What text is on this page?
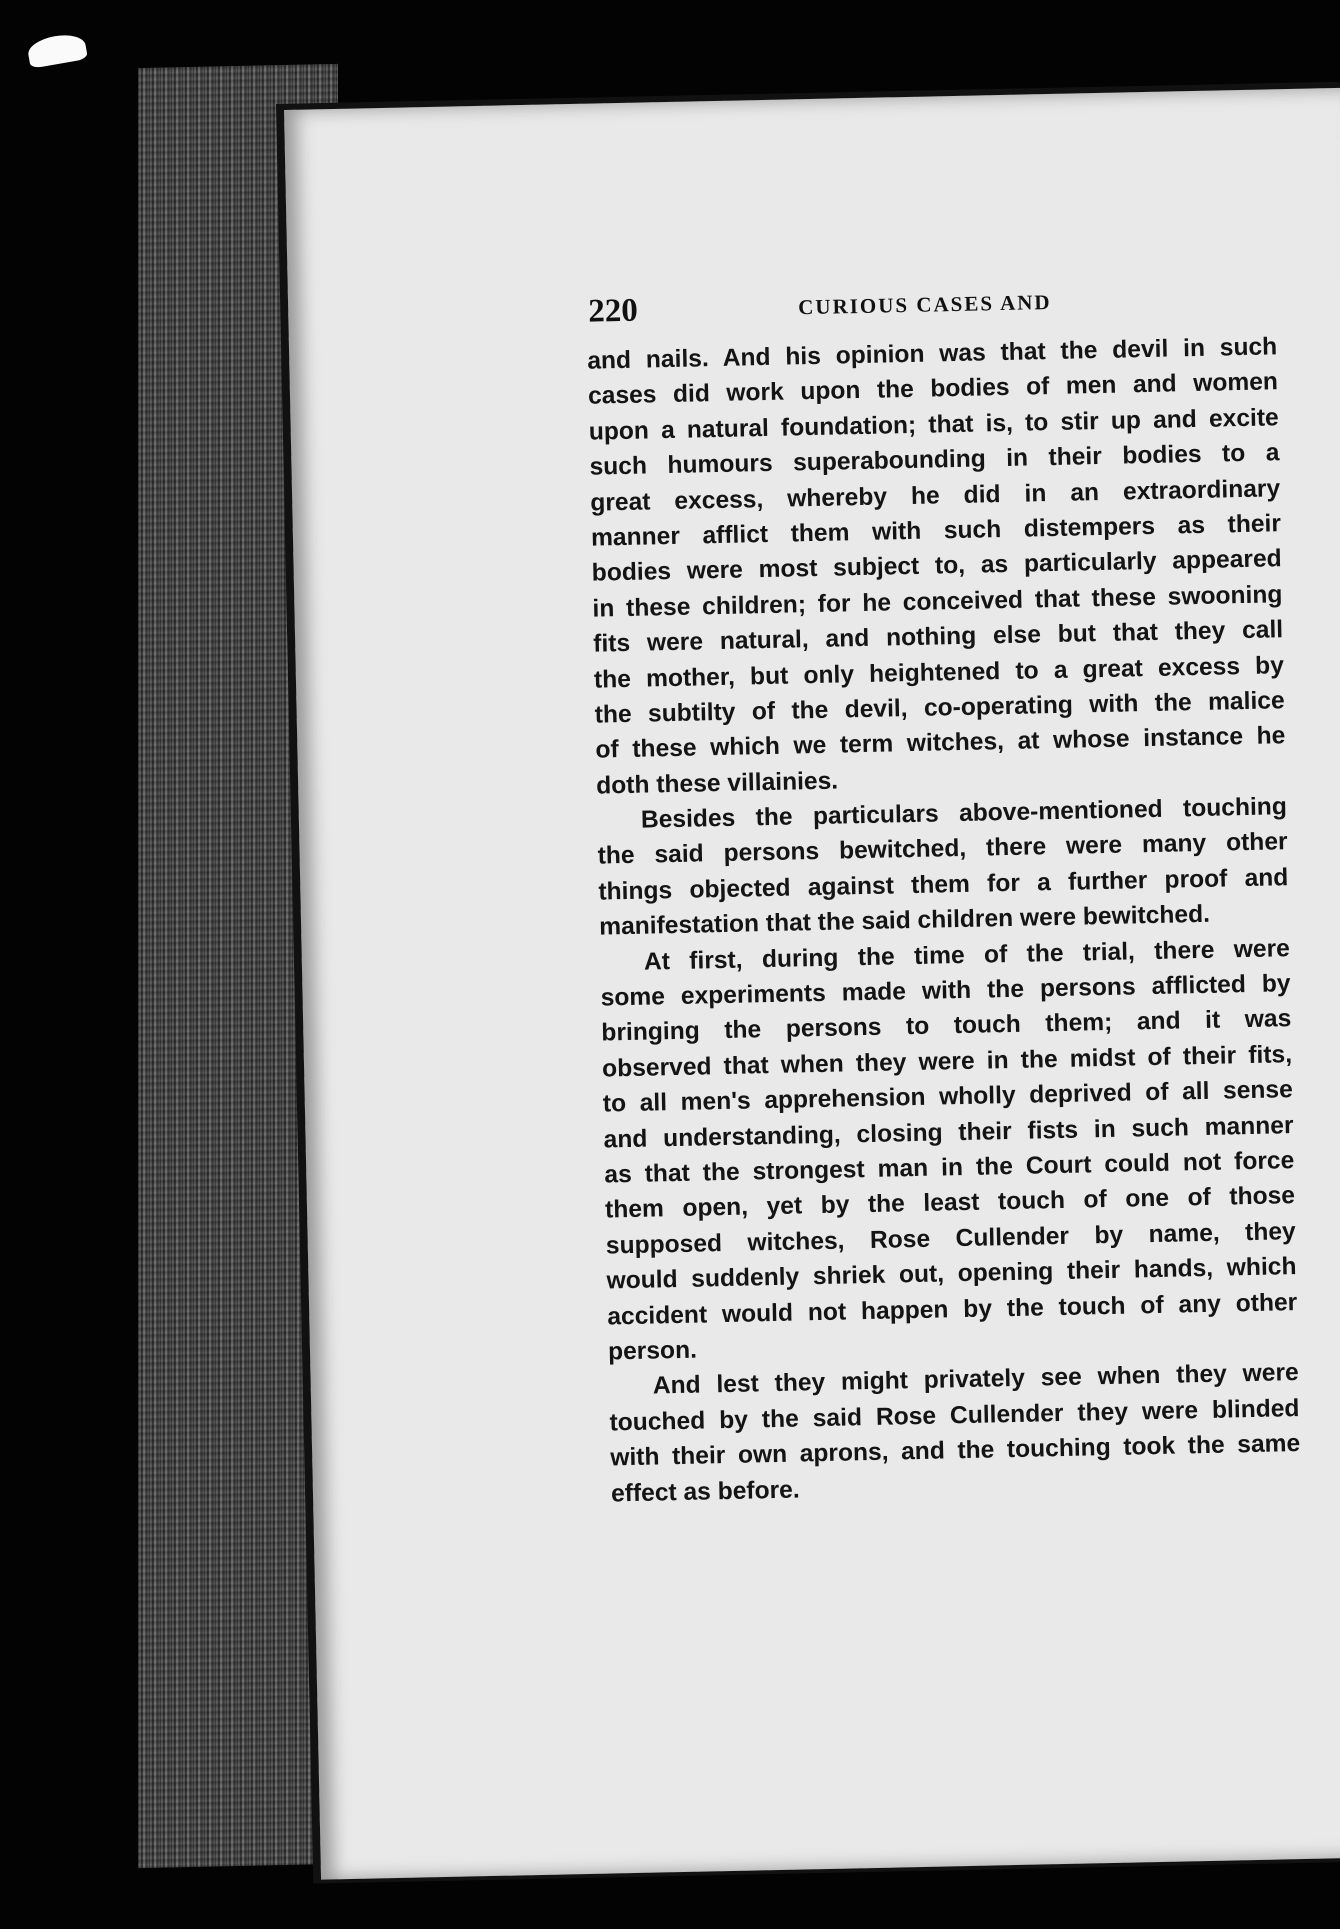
220	CURIOUS CASES AND
and nails. And his opinion was that the devil in such
cases did work upon the bodies of men and women
upon a natural foundation; that is, to stir up and excite
such humours superabounding in their bodies to a
great excess, whereby he did in an extraordinary
manner afflict them with such distempers as their
bodies were most subject to, as particularly appeared
in these children; for he conceived that these swooning
fits were natural, and nothing else but that they call
the mother, but only heightened to a great excess by
the subtilty of the devil, co-operating with the malice
of these which we term witches, at whose instance he
doth these villainies.
Besides the particulars above-mentioned touching
the said persons bewitched, there were many other
things objected against them for a further proof and
manifestation that the said children were bewitched.
At first, during the time of the trial, there were
some experiments made with the persons afflicted by
bringing the persons to touch them; and it was
observed that when they were in the midst of their fits,
to all men's apprehension wholly deprived of all sense
and understanding, closing their fists in such manner
as that the strongest man in the Court could not force
them open, yet by the least touch of one of those
supposed witches, Rose Cullender by name, they
would suddenly shriek out, opening their hands, which
accident would not happen by the touch of any other
person.
And lest they might privately see when they were
touched by the said Rose Cullender they were blinded
with their own aprons, and the touching took the same
effect as before.
